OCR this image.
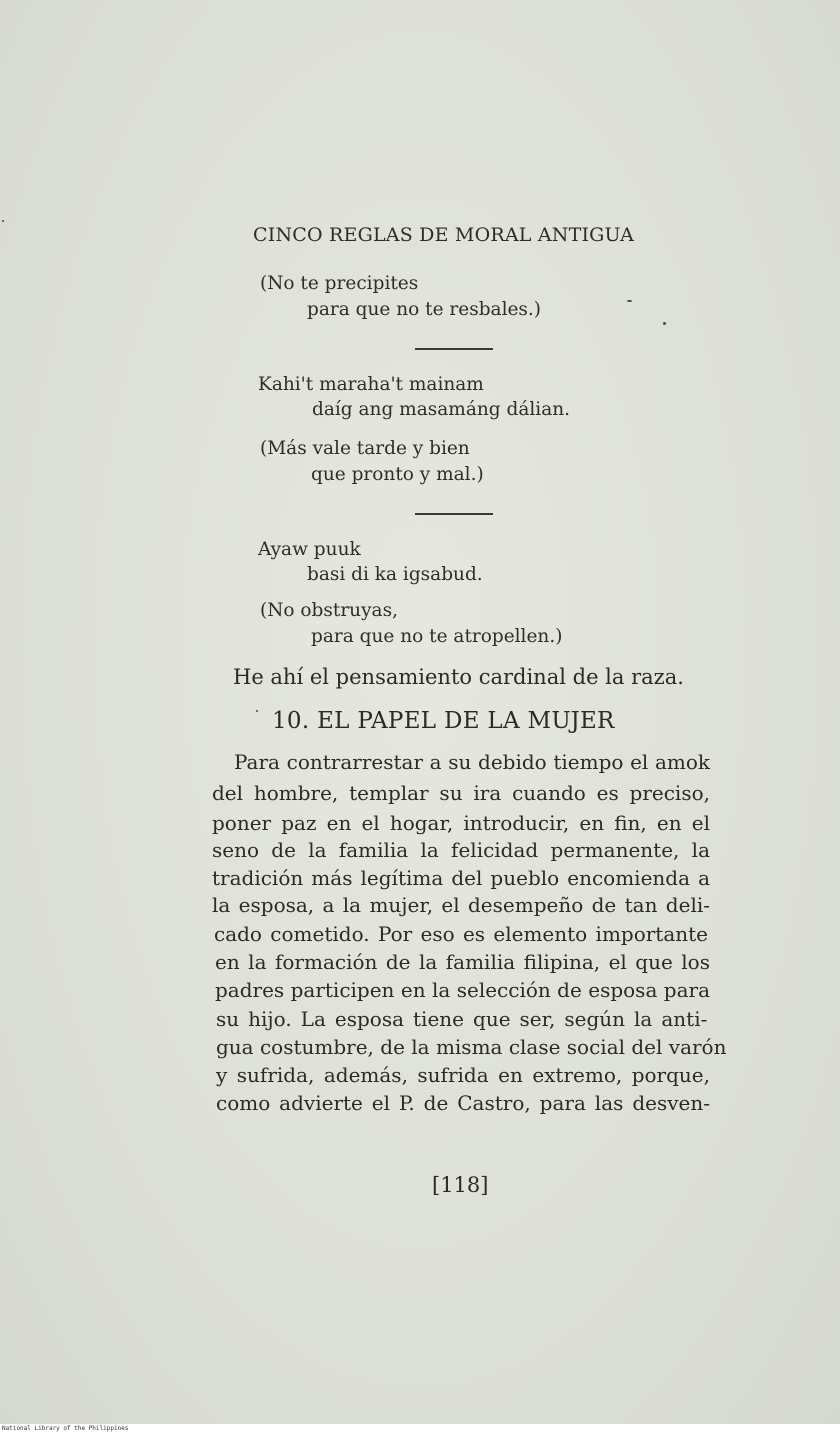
CINCO REGLAS DE MORAL ANTIGUA
(No te precipites
para que no te resbales.)
Kahi't maraha't mainam
daíg ang masamáng dálian.
(Más vale tarde y bien
que pronto y mal.)
Ayaw puuk
basi di ka igsabud.
(No obstruyas,
para que no te atropellen.)
He ahí el pensamiento cardinal de la raza.
10. EL PAPEL DE LA MUJER
Para contrarrestar a su debido tiempo el amok
del hombre, templar su ira cuando es preciso,
poner paz en el hogar, introducir, en fin, en el
seno de la familia la felicidad permanente, la
tradición más legítima del pueblo encomienda a
la esposa, a la mujer, el desempeño de tan deli-
cado cometido. Por eso es elemento importante
en la formación de la familia filipina, el que los
padres participen en la selección de esposa para
su hijo. La esposa tiene que ser, según la anti-
gua costumbre, de la misma clase social del varón
y sufrida, además, sufrida en extremo, porque,
como advierte el P. de Castro, para las desven-
[118]
National Library of the Philippines
